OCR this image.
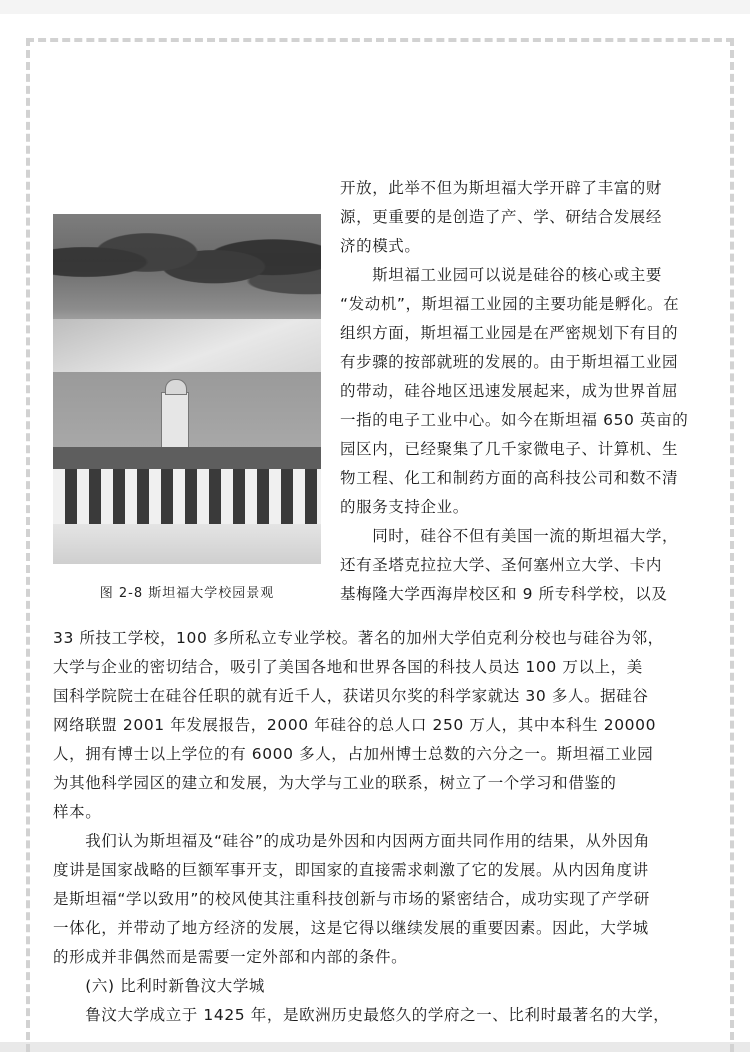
图 2-8 斯坦福大学校园景观
开放，此举不但为斯坦福大学开辟了丰富的财
源，更重要的是创造了产、学、研结合发展经
济的模式。
　　斯坦福工业园可以说是硅谷的核心或主要
“发动机”，斯坦福工业园的主要功能是孵化。在
组织方面，斯坦福工业园是在严密规划下有目的
有步骤的按部就班的发展的。由于斯坦福工业园
的带动，硅谷地区迅速发展起来，成为世界首屈
一指的电子工业中心。如今在斯坦福 650 英亩的
园区内，已经聚集了几千家微电子、计算机、生
物工程、化工和制药方面的高科技公司和数不清
的服务支持企业。
　　同时，硅谷不但有美国一流的斯坦福大学，
还有圣塔克拉拉大学、圣何塞州立大学、卡内
基梅隆大学西海岸校区和 9 所专科学校，以及
33 所技工学校，100 多所私立专业学校。著名的加州大学伯克利分校也与硅谷为邻，
大学与企业的密切结合，吸引了美国各地和世界各国的科技人员达 100 万以上，美
国科学院院士在硅谷任职的就有近千人，获诺贝尔奖的科学家就达 30 多人。据硅谷
网络联盟 2001 年发展报告，2000 年硅谷的总人口 250 万人，其中本科生 20000
人，拥有博士以上学位的有 6000 多人，占加州博士总数的六分之一。斯坦福工业园
为其他科学园区的建立和发展，为大学与工业的联系，树立了一个学习和借鉴的
样本。
　　我们认为斯坦福及“硅谷”的成功是外因和内因两方面共同作用的结果，从外因角
度讲是国家战略的巨额军事开支，即国家的直接需求刺激了它的发展。从内因角度讲
是斯坦福“学以致用”的校风使其注重科技创新与市场的紧密结合，成功实现了产学研
一体化，并带动了地方经济的发展，这是它得以继续发展的重要因素。因此，大学城
的形成并非偶然而是需要一定外部和内部的条件。
　　(六) 比利时新鲁汶大学城
　　鲁汶大学成立于 1425 年，是欧洲历史最悠久的学府之一、比利时最著名的大学，
